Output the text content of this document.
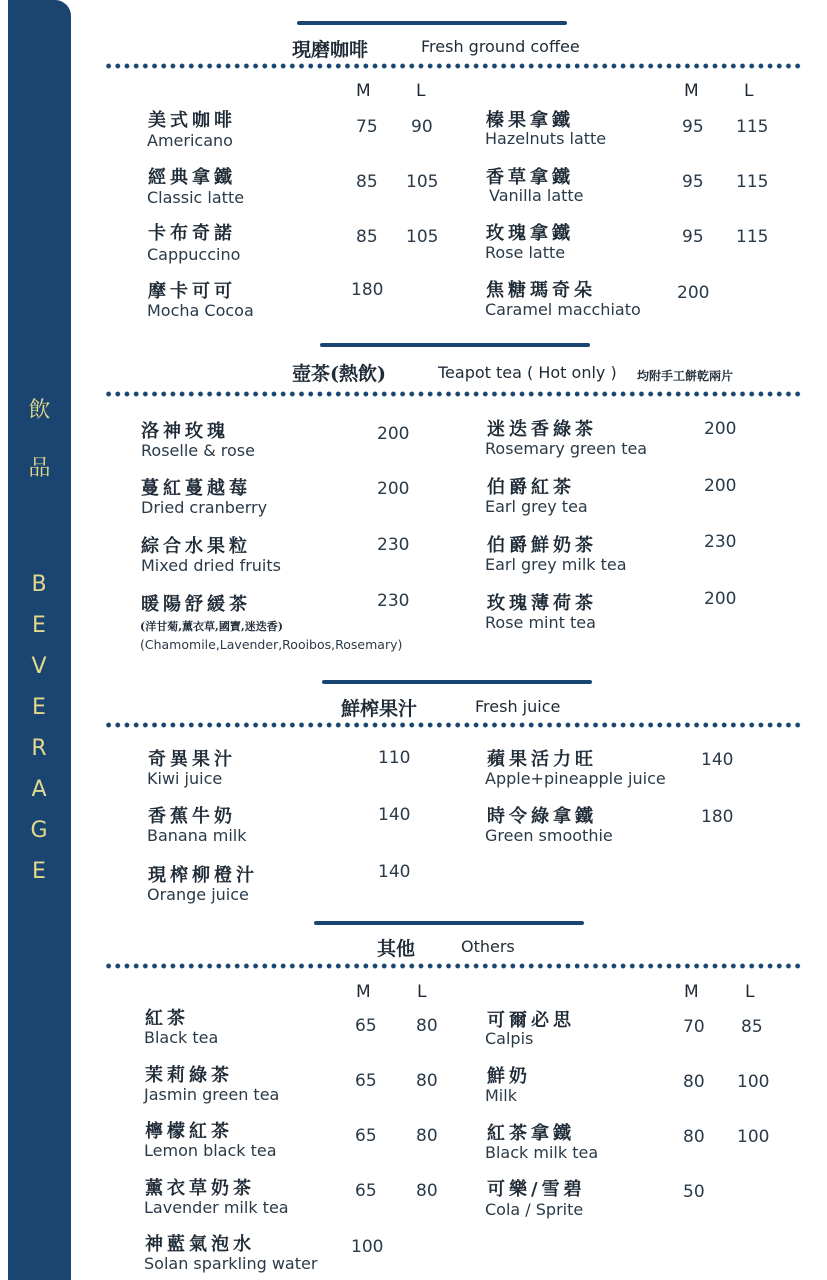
飲
品
B
E
V
E
R
A
G
E
現磨咖啡	Fresh ground coffee
M	L	M	L
美式咖啡
Americano
75 90
經典拿鐵
Classic latte
85 105
卡布奇諾
Cappuccino
85 105
摩卡可可
Mocha Cocoa
180
榛果拿鐵
Hazelnuts latte
95 115
香草拿鐵
Vanilla latte
95 115
玫瑰拿鐵
Rose latte
95 115
焦糖瑪奇朵
Caramel macchiato
200
壺茶(熱飲)	Teapot tea ( Hot only ) 均附手工餅乾兩片
洛神玫瑰
Roselle & rose
200
蔓紅蔓越莓
Dried cranberry
200
綜合水果粒
Mixed dried fruits
230
暖陽舒緩茶
(洋甘菊,薰衣草,國寶,迷迭香)
(Chamomile,Lavender,Rooibos,Rosemary)
230
迷迭香綠茶
Rosemary green tea
200
伯爵紅茶
Earl grey tea
200
伯爵鮮奶茶
Earl grey milk tea
230
玫瑰薄荷茶
Rose mint tea
200
鮮榨果汁	Fresh juice
奇異果汁
Kiwi juice
110
香蕉牛奶
Banana milk
140
現榨柳橙汁
Orange juice
140
蘋果活力旺
Apple+pineapple juice
140
時令綠拿鐵
Green smoothie
180
其他	Others
M	L	M	L
紅茶
Black tea
65 80
茉莉綠茶
Jasmin green tea
65 80
檸檬紅茶
Lemon black tea
65 80
薰衣草奶茶
Lavender milk tea
65 80
神藍氣泡水
Solan sparkling water
100
可爾必思
Calpis
70 85
鮮奶
Milk
80 100
紅茶拿鐵
Black milk tea
80 100
可樂/雪碧
Cola / Sprite
50
